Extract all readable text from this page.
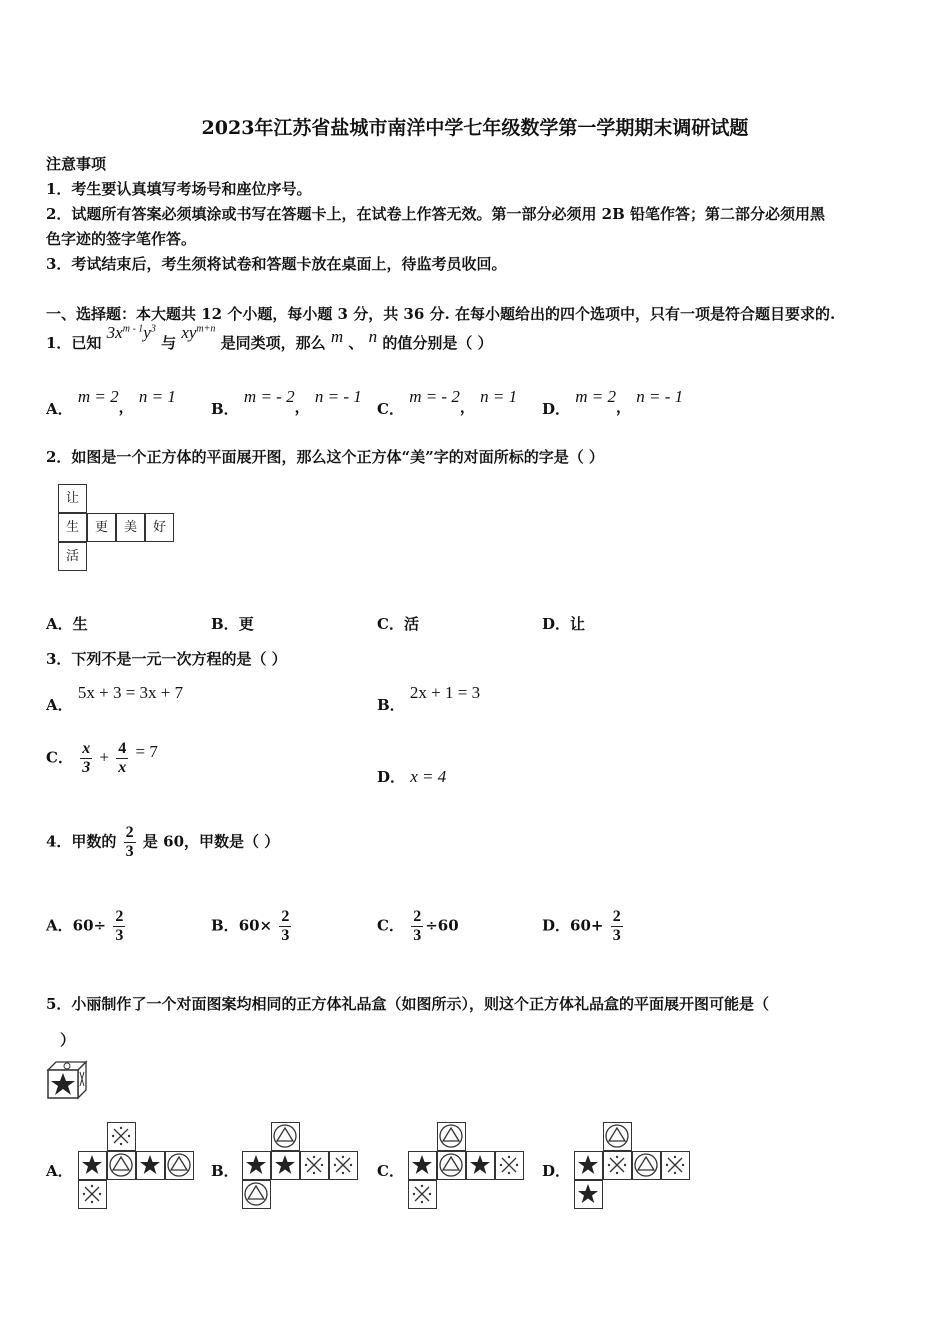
2023年江苏省盐城市南洋中学七年级数学第一学期期末调研试题
注意事项
1．考生要认真填写考场号和座位序号。
2．试题所有答案必须填涂或书写在答题卡上，在试卷上作答无效。第一部分必须用 2B 铅笔作答；第二部分必须用黑
色字迹的签字笔作答。
3．考试结束后，考生须将试卷和答题卡放在桌面上，待监考员收回。
一、选择题：本大题共 12 个小题，每小题 3 分，共 36 分. 在每小题给出的四个选项中，只有一项是符合题目要求的.
1．已知 $3x^{m - 1}y^3$ 与 $xy^{m+n}$ 是同类项，那么 m 、 n 的值分别是（ ）
A． m = 2， n = 1
B． m = - 2， n = - 1
C． m = - 2， n = 1
D． m = 2， n = - 1
2．如图是一个正方体的平面展开图，那么这个正方体“美”字的对面所标的字是（ ）
让
生	更	美	好
活
A．生	B．更	C．活	D．让
3．下列不是一元一次方程的是（ ）
A． 5x + 3 = 3x + 7
B． 2x + 1 = 3
C． $\frac{x}{3} + \frac{4}{x} = 7$
D． x = 4
4．甲数的 $\frac{2}{3}$ 是 60，甲数是（ ）
A．$60\div \frac{2}{3}$	B．$60\times \frac{2}{3}$	C． $\frac{2}{3} \div 60$	D．$60+ \frac{2}{3}$
5．小丽制作了一个对面图案均相同的正方体礼品盒（如图所示），则这个正方体礼品盒的平面展开图可能是（
）
A．	B．	C．	D．
